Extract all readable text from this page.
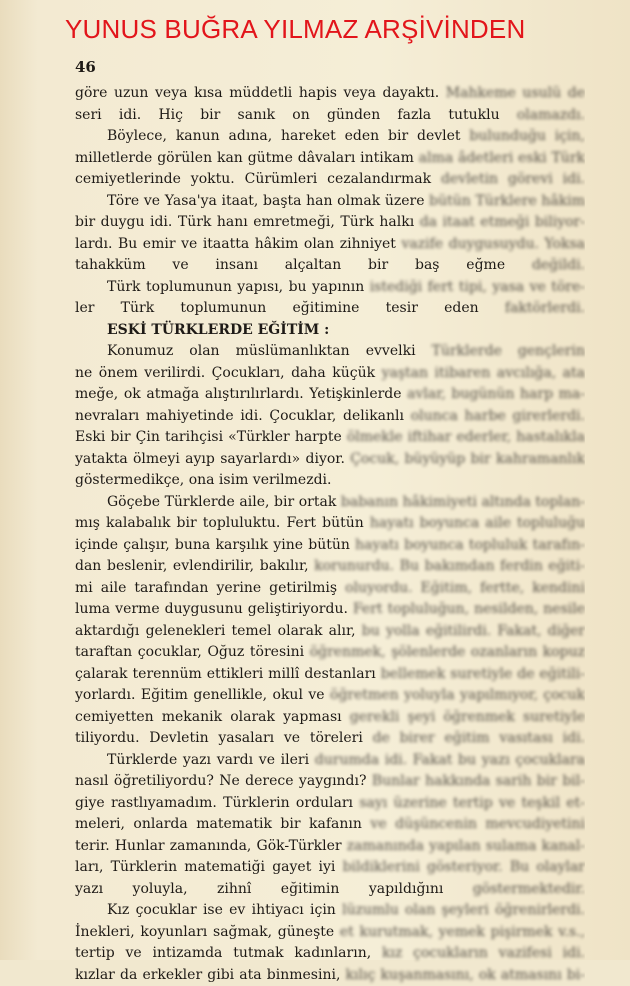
YUNUS BUĞRA YILMAZ ARŞİVİNDEN
46
göre uzun veya kısa müddetli hapis veya dayaktı. Mahkeme usulü de
seri idi. Hiç bir sanık on günden fazla tutuklu olamazdı.
Böylece, kanun adına, hareket eden bir devlet bulunduğu için,
milletlerde görülen kan gütme dâvaları intikam alma âdetleri eski Türk
cemiyetlerinde yoktu. Cürümleri cezalandırmak devletin görevi idi.
Töre ve Yasa'ya itaat, başta han olmak üzere bütün Türklere hâkim
bir duygu idi. Türk hanı emretmeği, Türk halkı da itaat etmeği biliyor-
lardı. Bu emir ve itaatta hâkim olan zihniyet vazife duygusuydu. Yoksa
tahakküm ve insanı alçaltan bir baş eğme değildi.
Türk toplumunun yapısı, bu yapının istediği fert tipi, yasa ve töre-
ler Türk toplumunun eğitimine tesir eden faktörlerdi.
ESKİ TÜRKLERDE EĞİTİM :
Konumuz olan müslümanlıktan evvelki Türklerde gençlerin
ne önem verilirdi. Çocukları, daha küçük yaştan itibaren avcılığa, ata
meğe, ok atmağa alıştırılırlardı. Yetişkinlerde avlar, bugünün harp ma-
nevraları mahiyetinde idi. Çocuklar, delikanlı olunca harbe girerlerdi.
Eski bir Çin tarihçisi «Türkler harpte ölmekle iftihar ederler, hastalıkla
yatakta ölmeyi ayıp sayarlardı» diyor. Çocuk, büyüyüp bir kahramanlık
göstermedikçe, ona isim verilmezdi.
Göçebe Türklerde aile, bir ortak babanın hâkimiyeti altında toplan-
mış kalabalık bir topluluktu. Fert bütün hayatı boyunca aile topluluğu
içinde çalışır, buna karşılık yine bütün hayatı boyunca topluluk tarafın-
dan beslenir, evlendirilir, bakılır, korunurdu. Bu bakımdan ferdin eğiti-
mi aile tarafından yerine getirilmiş oluyordu. Eğitim, fertte, kendini
luma verme duygusunu geliştiriyordu. Fert topluluğun, nesilden, nesile
aktardığı gelenekleri temel olarak alır, bu yolla eğitilirdi. Fakat, diğer
taraftan çocuklar, Oğuz töresini öğrenmek, şölenlerde ozanların kopuz
çalarak terennüm ettikleri millî destanları bellemek suretiyle de eğitili-
yorlardı. Eğitim genellikle, okul ve öğretmen yoluyla yapılmıyor, çocuk
cemiyetten mekanik olarak yapması gerekli şeyi öğrenmek suretiyle
tiliyordu. Devletin yasaları ve töreleri de birer eğitim vasıtası idi.
Türklerde yazı vardı ve ileri durumda idi. Fakat bu yazı çocuklara
nasıl öğretiliyordu? Ne derece yaygındı? Bunlar hakkında sarih bir bil-
giye rastlıyamadım. Türklerin orduları sayı üzerine tertip ve teşkil et-
meleri, onlarda matematik bir kafanın ve düşüncenin mevcudiyetini
terir. Hunlar zamanında, Gök-Türkler zamanında yapılan sulama kanal-
ları, Türklerin matematiği gayet iyi bildiklerini gösteriyor. Bu olaylar
yazı yoluyla, zihnî eğitimin yapıldığını göstermektedir.
Kız çocuklar ise ev ihtiyacı için lüzumlu olan şeyleri öğrenirlerdi.
İnekleri, koyunları sağmak, güneşte et kurutmak, yemek pişirmek v.s.,
tertip ve intizamda tutmak kadınların, kız çocukların vazifesi idi.
kızlar da erkekler gibi ata binmesini, kılıç kuşanmasını, ok atmasını bi-
